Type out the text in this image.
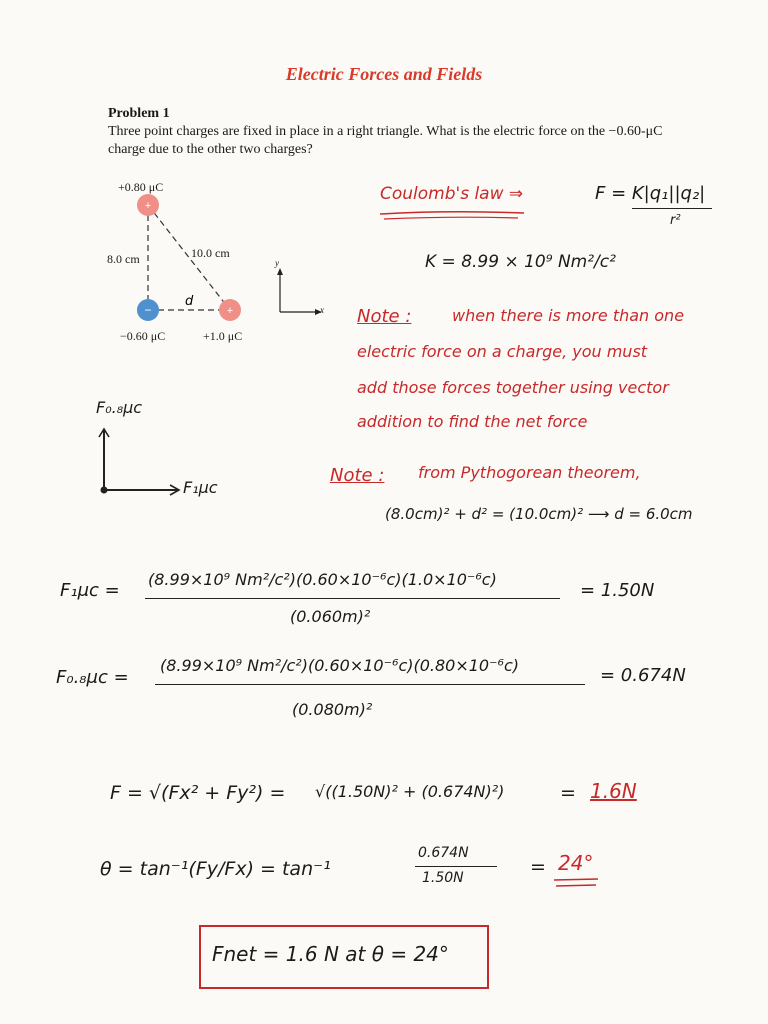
Electric Forces and Fields
Problem 1
Three point charges are fixed in place in a right triangle. What is the electric force on the −0.60-μC charge due to the other two charges?
+
−	+
d
+0.80 μC
8.0 cm	10.0 cm
−0.60 μC	+1.0 μC
y
x
Coulomb's law ⇒	F = K|q₁||q₂|
r²
K = 8.99 × 10⁹ Nm²/c²
Note :	when there is more than one
electric force on a charge, you must
add those forces together using vector
addition to find the net force
F₀.₈μc
F₁μc
Note : from Pythogorean theorem,
(8.0cm)² + d² = (10.0cm)² ⟶ d = 6.0cm
F₁μc =
(8.99×10⁹ Nm²/c²)(0.60×10⁻⁶c)(1.0×10⁻⁶c)
(0.060m)²
= 1.50N
F₀.₈μc =
(8.99×10⁹ Nm²/c²)(0.60×10⁻⁶c)(0.80×10⁻⁶c)
(0.080m)²
= 0.674N
F = √(Fx² + Fy²) = √((1.50N)² + (0.674N)²)	= 1.6N
θ = tan⁻¹(Fy/Fx) = tan⁻¹
0.674N
1.50N	= 24°
Fnet = 1.6 N at θ = 24°
